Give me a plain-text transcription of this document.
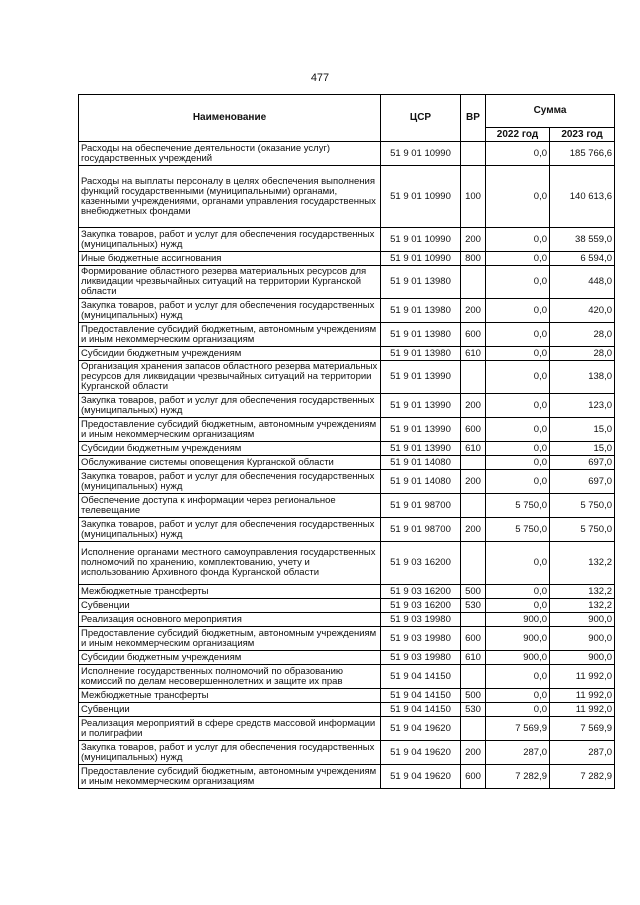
477
Наименование	ЦСР	ВР	Сумма	
			2022 год	2023 год
Расходы на обеспечение деятельности (оказание услуг) государственных учреждений	51 9 01 10990		0,0	185 766,6
Расходы на выплаты персоналу в целях обеспечения выполнения функций государственными (муниципальными) органами, казенными учреждениями, органами управления государственных внебюджетных фондами	51 9 01 10990	100	0,0	140 613,6
Закупка товаров, работ и услуг для обеспечения государственных (муниципальных) нужд	51 9 01 10990	200	0,0	38 559,0
Иные бюджетные ассигнования	51 9 01 10990	800	0,0	6 594,0
Формирование областного резерва материальных ресурсов для ликвидации чрезвычайных ситуаций на территории Курганской области	51 9 01 13980		0,0	448,0
Закупка товаров, работ и услуг для обеспечения государственных (муниципальных) нужд	51 9 01 13980	200	0,0	420,0
Предоставление субсидий бюджетным, автономным учреждениям и иным некоммерческим организациям	51 9 01 13980	600	0,0	28,0
Субсидии бюджетным учреждениям	51 9 01 13980	610	0,0	28,0
Организация хранения запасов областного резерва материальных ресурсов для ликвидации чрезвычайных ситуаций на территории Курганской области	51 9 01 13990		0,0	138,0
Закупка товаров, работ и услуг для обеспечения государственных (муниципальных) нужд	51 9 01 13990	200	0,0	123,0
Предоставление субсидий бюджетным, автономным учреждениям и иным некоммерческим организациям	51 9 01 13990	600	0,0	15,0
Субсидии бюджетным учреждениям	51 9 01 13990	610	0,0	15,0
Обслуживание системы оповещения Курганской области	51 9 01 14080		0,0	697,0
Закупка товаров, работ и услуг для обеспечения государственных (муниципальных) нужд	51 9 01 14080	200	0,0	697,0
Обеспечение доступа к информации через региональное телевещание	51 9 01 98700		5 750,0	5 750,0
Закупка товаров, работ и услуг для обеспечения государственных (муниципальных) нужд	51 9 01 98700	200	5 750,0	5 750,0
Исполнение органами местного самоуправления государственных полномочий по хранению, комплектованию, учету и использованию Архивного фонда Курганской области	51 9 03 16200		0,0	132,2
Межбюджетные трансферты	51 9 03 16200	500	0,0	132,2
Субвенции	51 9 03 16200	530	0,0	132,2
Реализация основного мероприятия	51 9 03 19980		900,0	900,0
Предоставление субсидий бюджетным, автономным учреждениям и иным некоммерческим организациям	51 9 03 19980	600	900,0	900,0
Субсидии бюджетным учреждениям	51 9 03 19980	610	900,0	900,0
Исполнение государственных полномочий по образованию комиссий по делам несовершеннолетних и защите их прав	51 9 04 14150		0,0	11 992,0
Межбюджетные трансферты	51 9 04 14150	500	0,0	11 992,0
Субвенции	51 9 04 14150	530	0,0	11 992,0
Реализация мероприятий в сфере средств массовой информации и полиграфии	51 9 04 19620		7 569,9	7 569,9
Закупка товаров, работ и услуг для обеспечения государственных (муниципальных) нужд	51 9 04 19620	200	287,0	287,0
Предоставление субсидий бюджетным, автономным учреждениям и иным некоммерческим организациям	51 9 04 19620	600	7 282,9	7 282,9
